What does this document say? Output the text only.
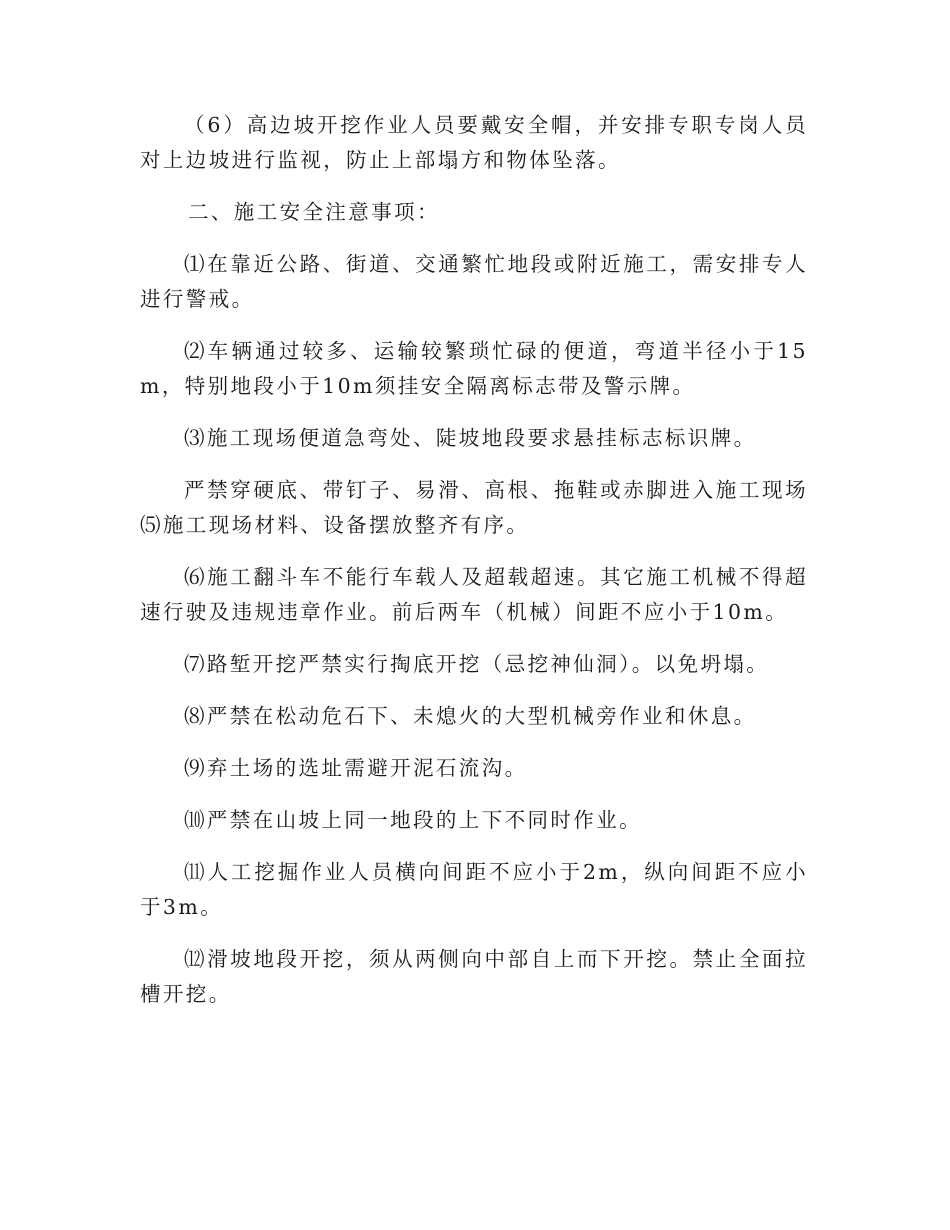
（6）高边坡开挖作业人员要戴安全帽，并安排专职专岗人员对上边坡进行监视，防止上部塌方和物体坠落。

二、施工安全注意事项：

⑴在靠近公路、街道、交通繁忙地段或附近施工，需安排专人进行警戒。

⑵车辆通过较多、运输较繁琐忙碌的便道，弯道半径小于15m，特别地段小于10m须挂安全隔离标志带及警示牌。

⑶施工现场便道急弯处、陡坡地段要求悬挂标志标识牌。

严禁穿硬底、带钉子、易滑、高根、拖鞋或赤脚进入施工现场⑸施工现场材料、设备摆放整齐有序。

⑹施工翻斗车不能行车载人及超载超速。其它施工机械不得超速行驶及违规违章作业。前后两车（机械）间距不应小于10m。

⑺路堑开挖严禁实行掏底开挖（忌挖神仙洞）。以免坍塌。

⑻严禁在松动危石下、未熄火的大型机械旁作业和休息。

⑼弃土场的选址需避开泥石流沟。

⑽严禁在山坡上同一地段的上下不同时作业。

⑾人工挖掘作业人员横向间距不应小于2m，纵向间距不应小于3m。

⑿滑坡地段开挖，须从两侧向中部自上而下开挖。禁止全面拉槽开挖。
